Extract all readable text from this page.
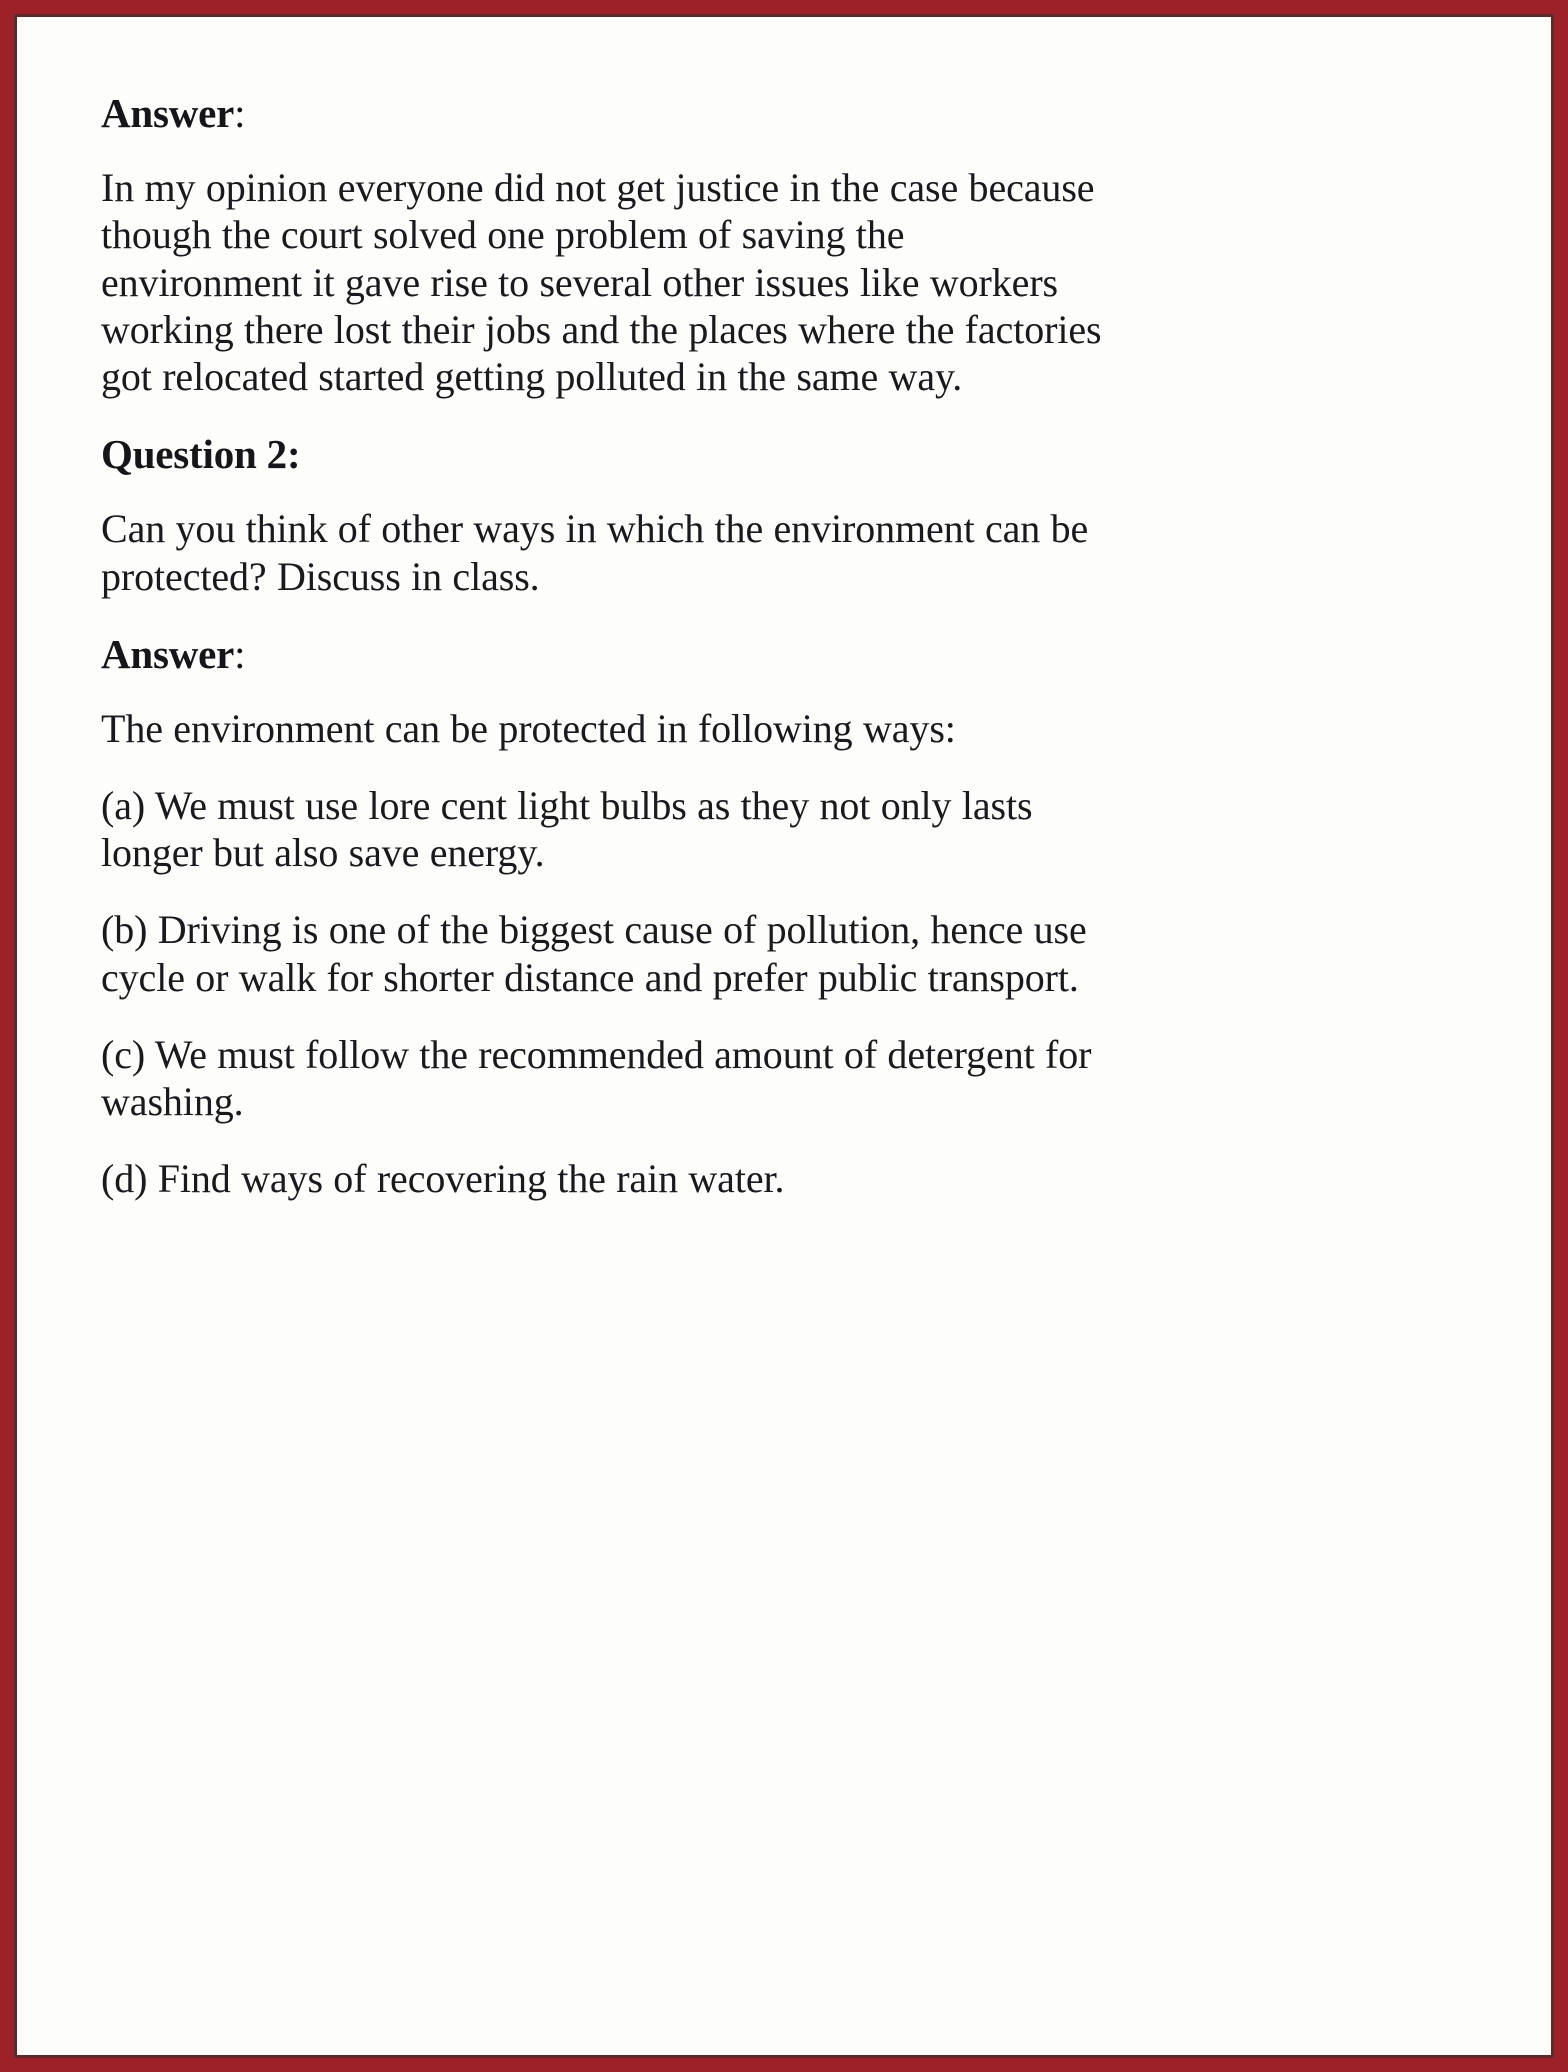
Answer:

In my opinion everyone did not get justice in the case because though the court solved one problem of saving the environment it gave rise to several other issues like workers working there lost their jobs and the places where the factories got relocated started getting polluted in the same way.

Question 2:

Can you think of other ways in which the environment can be protected? Discuss in class.

Answer:

The environment can be protected in following ways:

(a) We must use lore cent light bulbs as they not only lasts longer but also save energy.

(b) Driving is one of the biggest cause of pollution, hence use cycle or walk for shorter distance and prefer public transport.

(c) We must follow the recommended amount of detergent for washing.

(d) Find ways of recovering the rain water.
